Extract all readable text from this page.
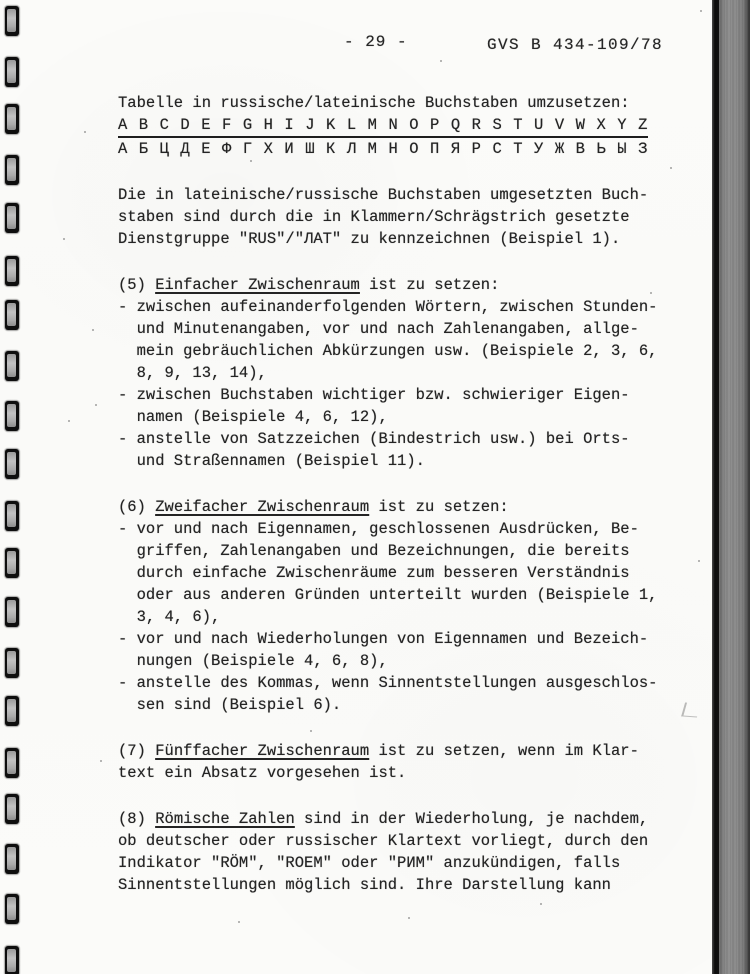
- 29 -	GVS B 434-109/78
Tabelle in russische/lateinische Buchstaben umzusetzen:
A B C D E F G H I J K L M N O P Q R S T U V W X Y Z
А Б Ц Д Е Ф Г Х И Ш К Л М Н О П Я Р С Т У Ж В Ь Ы З
Die in lateinische/russische Buchstaben umgesetzten Buch-
staben sind durch die in Klammern/Schrägstrich gesetzte
Dienstgruppe "RUS"/"ЛАТ" zu kennzeichnen (Beispiel 1).
(5) Einfacher Zwischenraum ist zu setzen:
- zwischen aufeinanderfolgenden Wörtern, zwischen Stunden-
und Minutenangaben, vor und nach Zahlenangaben, allge-
mein gebräuchlichen Abkürzungen usw. (Beispiele 2, 3, 6,
8, 9, 13, 14),
- zwischen Buchstaben wichtiger bzw. schwieriger Eigen-
namen (Beispiele 4, 6, 12),
- anstelle von Satzzeichen (Bindestrich usw.) bei Orts-
und Straßennamen (Beispiel 11).
(6) Zweifacher Zwischenraum ist zu setzen:
- vor und nach Eigennamen, geschlossenen Ausdrücken, Be-
griffen, Zahlenangaben und Bezeichnungen, die bereits
durch einfache Zwischenräume zum besseren Verständnis
oder aus anderen Gründen unterteilt wurden (Beispiele 1,
3, 4, 6),
- vor und nach Wiederholungen von Eigennamen und Bezeich-
nungen (Beispiele 4, 6, 8),
- anstelle des Kommas, wenn Sinnentstellungen ausgeschlos-
sen sind (Beispiel 6).
(7) Fünffacher Zwischenraum ist zu setzen, wenn im Klar-
text ein Absatz vorgesehen ist.
(8) Römische Zahlen sind in der Wiederholung, je nachdem,
ob deutscher oder russischer Klartext vorliegt, durch den
Indikator "RÖM", "ROEM" oder "РИМ" anzukündigen, falls
Sinnentstellungen möglich sind. Ihre Darstellung kann
